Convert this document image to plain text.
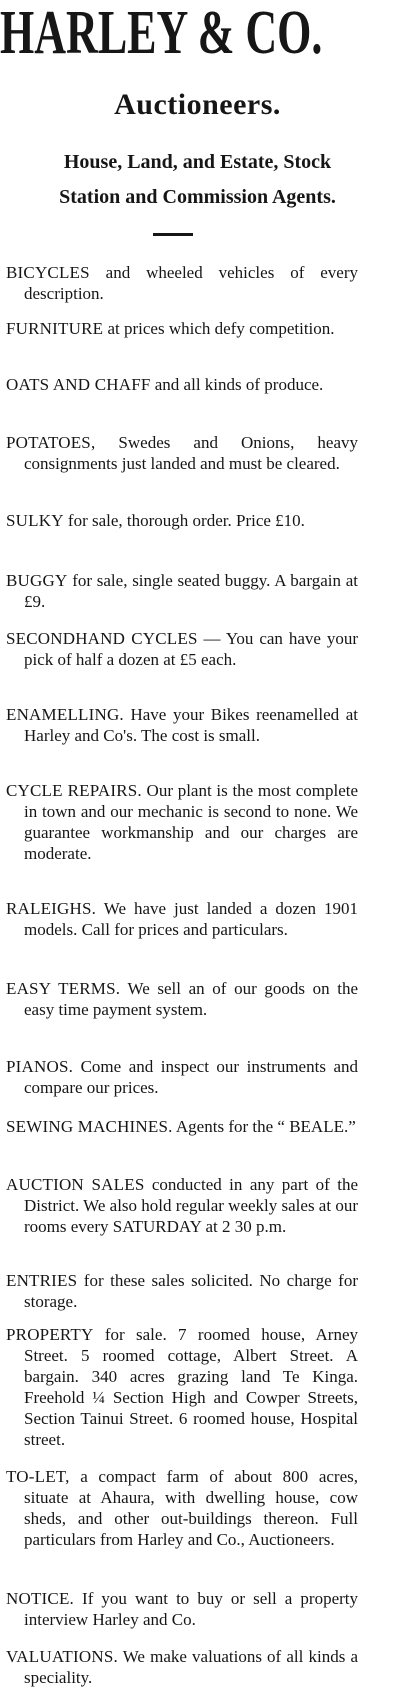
HARLEY & CO.
Auctioneers.
House, Land, and Estate, Stock
Station and Commission Agents.

BICYCLES and wheeled vehicles of every description.

FURNITURE at prices which defy competition.

OATS AND CHAFF and all kinds of produce.

POTATOES, Swedes and Onions, heavy consignments just landed and must be cleared.

SULKY for sale, thorough order. Price £10.

BUGGY for sale, single seated buggy. A bargain at £9.

SECONDHAND CYCLES — You can have your pick of half a dozen at £5 each.

ENAMELLING. Have your Bikes reenamelled at Harley and Co's. The cost is small.

CYCLE REPAIRS. Our plant is the most complete in town and our mechanic is second to none. We guarantee workmanship and our charges are moderate.

RALEIGHS. We have just landed a dozen 1901 models. Call for prices and particulars.

EASY TERMS. We sell an of our goods on the easy time payment system.

PIANOS. Come and inspect our instruments and compare our prices.

SEWING MACHINES. Agents for the “ BEALE.”

AUCTION SALES conducted in any part of the District. We also hold regular weekly sales at our rooms every SATURDAY at 2 30 p.m.

ENTRIES for these sales solicited. No charge for storage.

PROPERTY for sale. 7 roomed house, Arney Street. 5 roomed cottage, Albert Street. A bargain. 340 acres grazing land Te Kinga. Freehold ¼ Section High and Cowper Streets, Section Tainui Street. 6 roomed house, Hospital street.

TO-LET, a compact farm of about 800 acres, situate at Ahaura, with dwelling house, cow sheds, and other out-buildings thereon. Full particulars from Harley and Co., Auctioneers.

NOTICE. If you want to buy or sell a property interview Harley and Co.

VALUATIONS. We make valuations of all kinds a speciality.
